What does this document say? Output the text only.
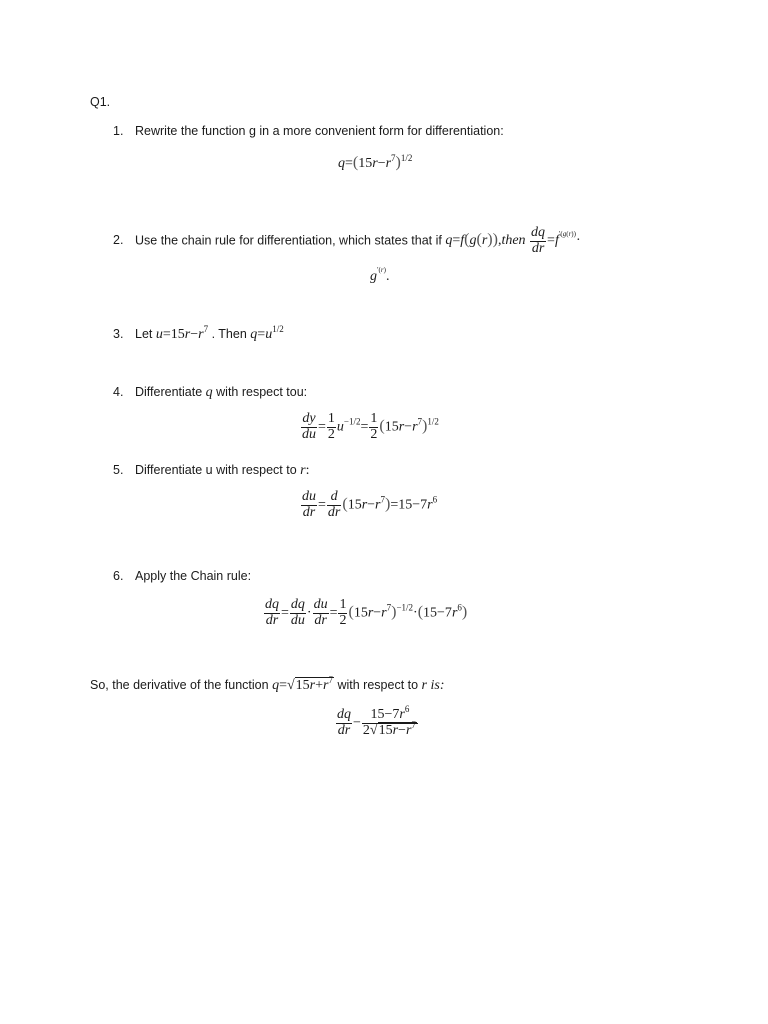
Q1.
1. Rewrite the function g in a more convenient form for differentiation:
$q=(15r-r^7)^{1/2}$
2. Use the chain rule for differentiation, which states that if q=f(g(r)),then $\frac{dq}{dr} =f^{'(g(r))}\cdot$
$g^{'(r)}$.
3. Let $u=15r-r^7$ . Then $q=u^{1/2}$
4. Differentiate q with respect tou:
$\frac{dy}{du} = \frac{1}{2} u^{-1/2}= \frac{1}{2} (15r-r^7)^{1/2}$
5. Differentiate u with respect to r:
$\frac{du}{dr} = \frac{d}{dr} (15r-r^7)=15-7r^6$
6. Apply the Chain rule:
$\frac{dq}{dr} = \frac{dq}{du} \cdot \frac{du}{dr} = \frac{1}{2} (15r-r^7)^{-1/2}\cdot(15-7r^6)$
So, the derivative of the function $q=√15r+r^7$ with respect to r is:
$\frac{dq}{dr} - \frac{15-7r^6}{2√15r-r^7}$
